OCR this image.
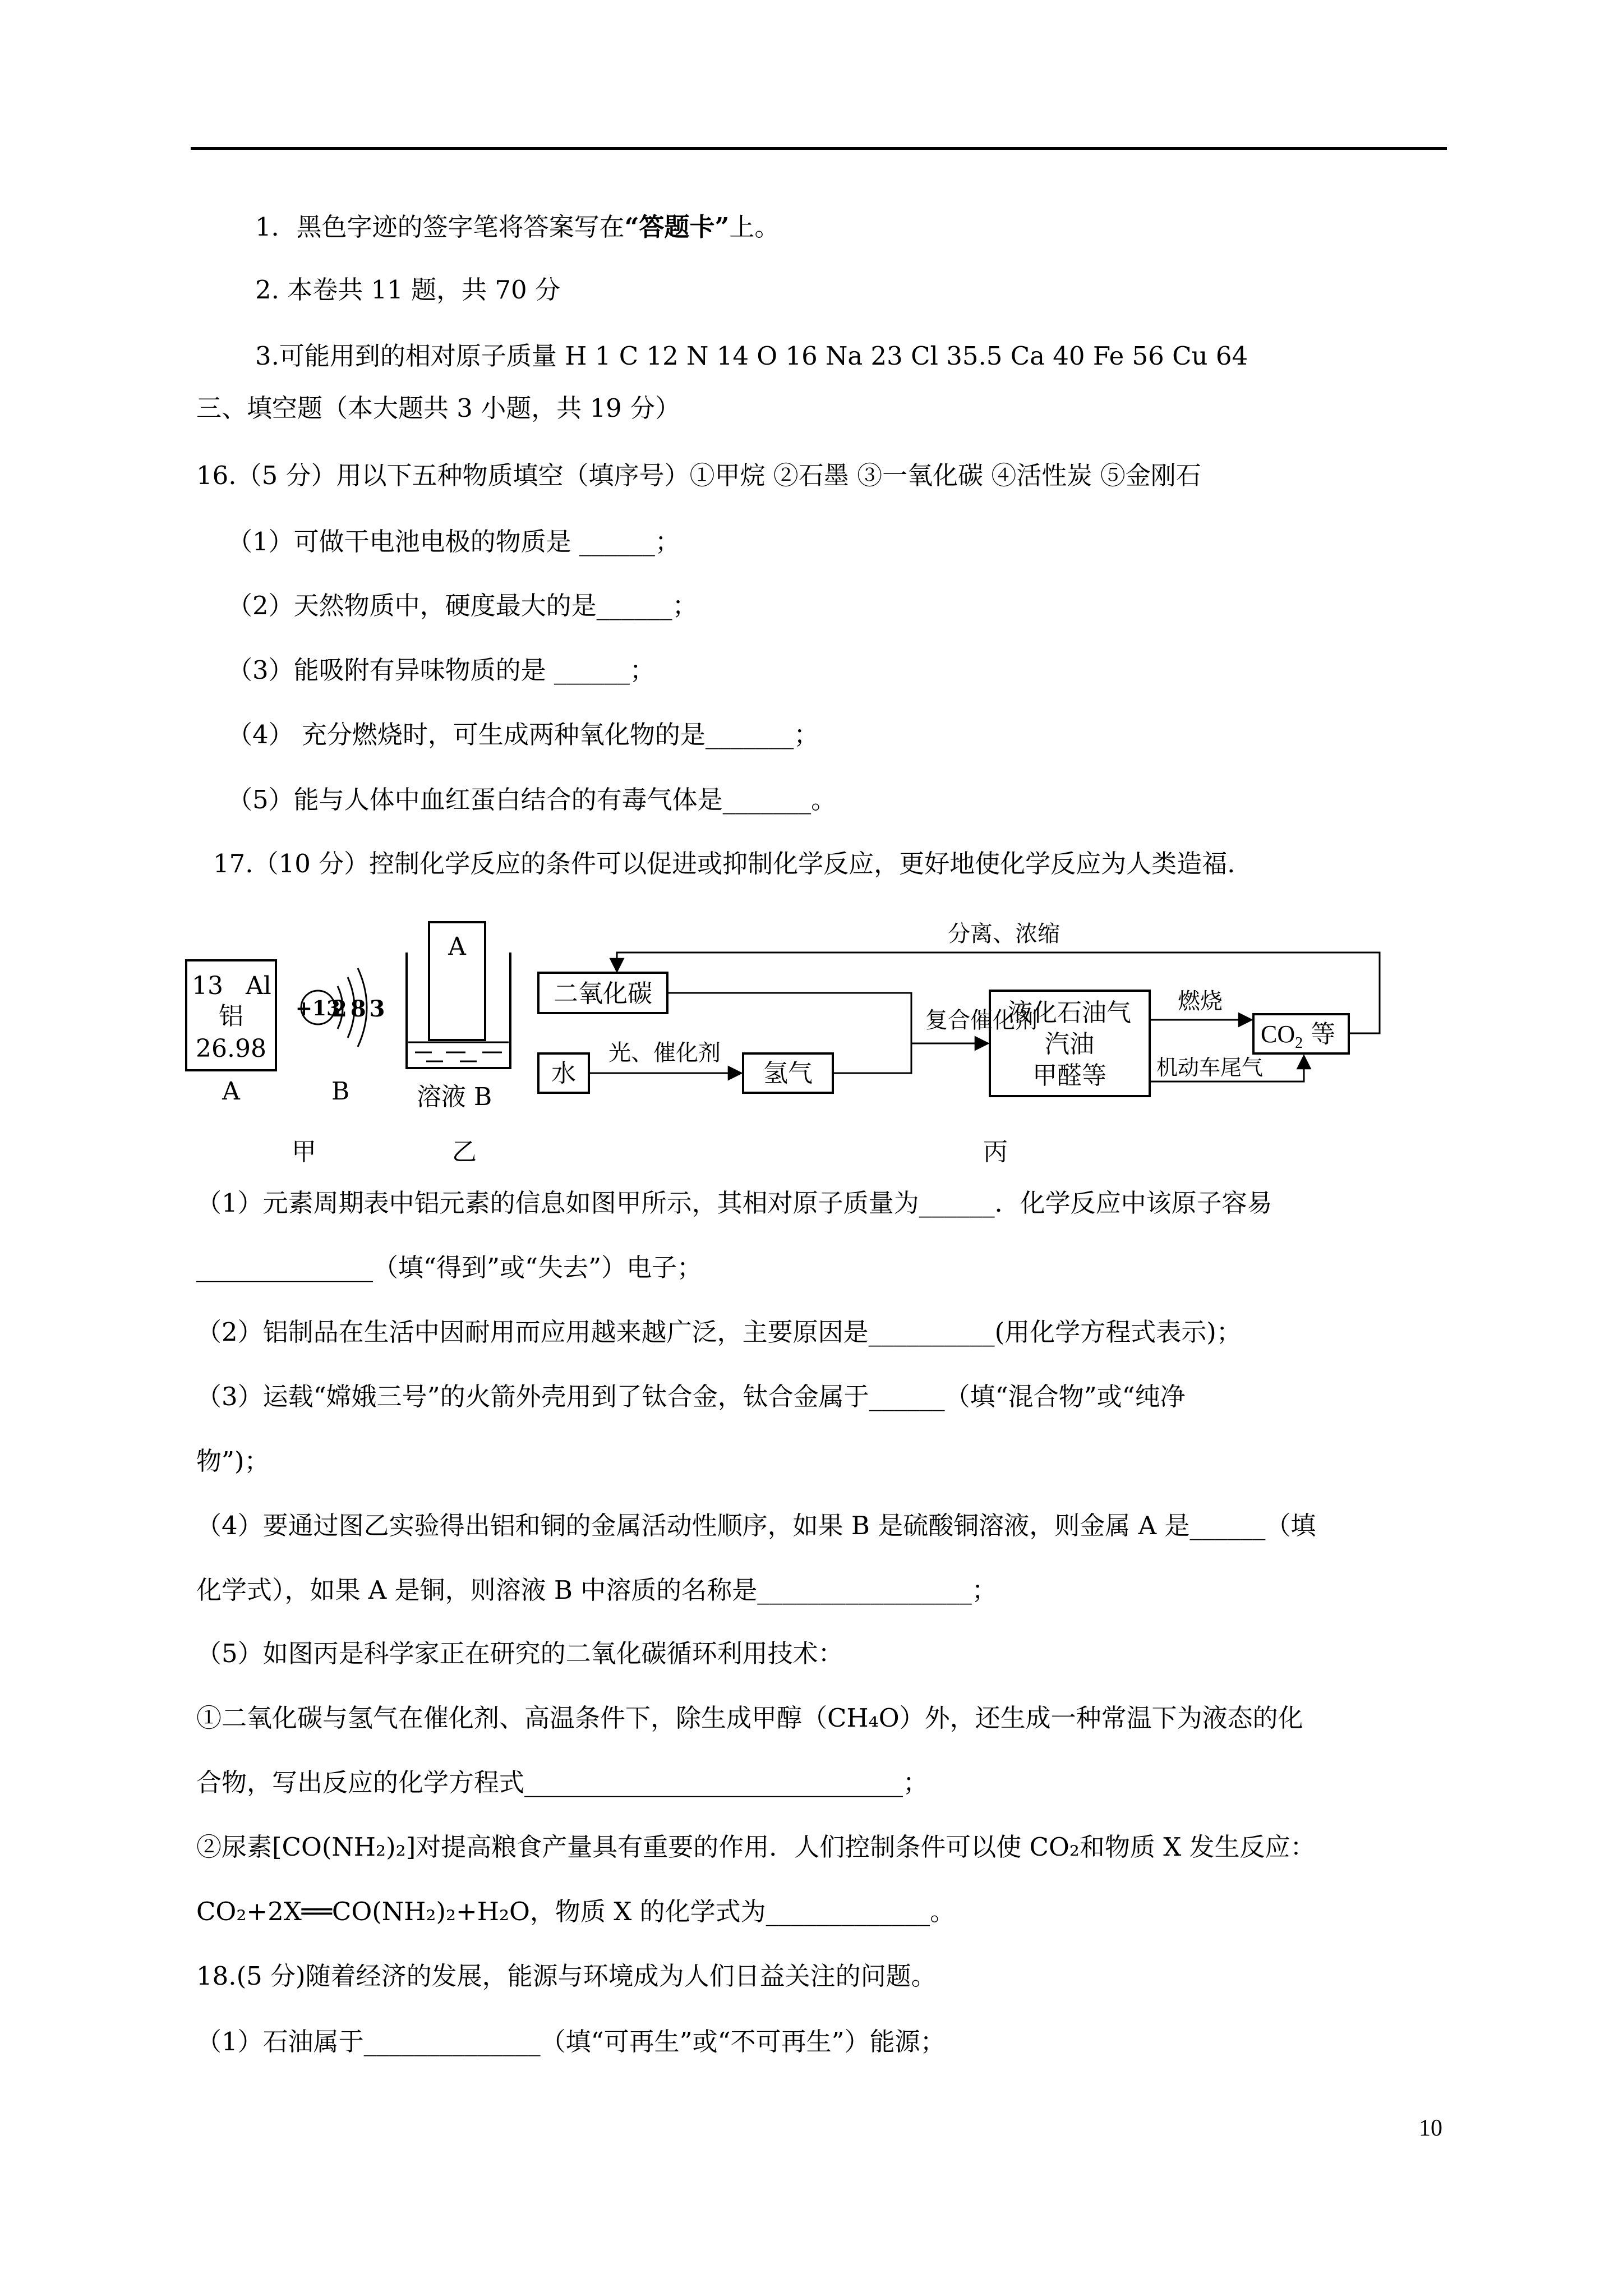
1．黑色字迹的签字笔将答案写在“答题卡”上。
2. 本卷共 11 题，共 70 分
3.可能用到的相对原子质量 H 1 C 12 N 14 O 16 Na 23 Cl 35.5 Ca 40 Fe 56 Cu 64
三、填空题（本大题共 3 小题，共 19 分）
16.（5 分）用以下五种物质填空（填序号）①甲烷 ②石墨 ③一氧化碳 ④活性炭 ⑤金刚石
（1）可做干电池电极的物质是 ______；
（2）天然物质中，硬度最大的是______；
（3）能吸附有异味物质的是 ______；
（4） 充分燃烧时，可生成两种氧化物的是_______；
（5）能与人体中血红蛋白结合的有毒气体是_______。
17.（10 分）控制化学反应的条件可以促进或抑制化学反应，更好地使化学反应为人类造福.
13 Al
铝
26.98
A
+13
283
B
A
溶液 B
甲	乙	丙
二氧化碳
水	氢气
液化石油气
汽油
甲醛等
$CO_2$ 等
分离、浓缩
光、催化剂
复合催化剂
燃烧
机动车尾气
（1）元素周期表中铝元素的信息如图甲所示，其相对原子质量为______．化学反应中该原子容易
______________（填“得到”或“失去”）电子；
（2）铝制品在生活中因耐用而应用越来越广泛，主要原因是__________(用化学方程式表示)；
（3）运载“嫦娥三号”的火箭外壳用到了钛合金，钛合金属于______（填“混合物”或“纯净
物”)；
（4）要通过图乙实验得出铝和铜的金属活动性顺序，如果 B 是硫酸铜溶液，则金属 A 是______（填
化学式），如果 A 是铜，则溶液 B 中溶质的名称是_________________；
（5）如图丙是科学家正在研究的二氧化碳循环利用技术：
①二氧化碳与氢气在催化剂、高温条件下，除生成甲醇（CH₄O）外，还生成一种常温下为液态的化
合物，写出反应的化学方程式______________________________；
②尿素[CO(NH₂)₂]对提高粮食产量具有重要的作用．人们控制条件可以使 CO₂和物质 X 发生反应：
CO₂+2X══CO(NH₂)₂+H₂O，物质 X 的化学式为_____________。
18.(5 分)随着经济的发展，能源与环境成为人们日益关注的问题。
（1）石油属于______________（填“可再生”或“不可再生”）能源；
10
